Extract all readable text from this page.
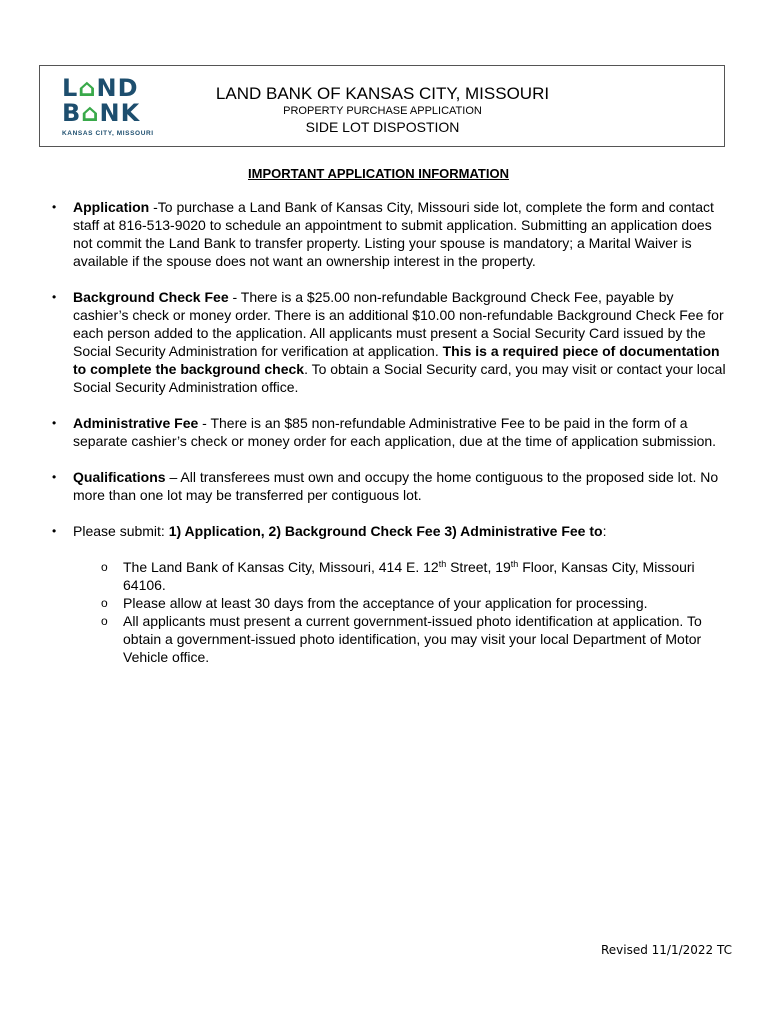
L⌂ND
B⌂NK
KANSAS CITY, MISSOURI
LAND BANK OF KANSAS CITY, MISSOURI
PROPERTY PURCHASE APPLICATION
SIDE LOT DISPOSTION
IMPORTANT APPLICATION INFORMATION
• Application -To purchase a Land Bank of Kansas City, Missouri side lot, complete the form and contact staff at 816-513-9020 to schedule an appointment to submit application. Submitting an application does not commit the Land Bank to transfer property. Listing your spouse is mandatory; a Marital Waiver is available if the spouse does not want an ownership interest in the property.
• Background Check Fee - There is a $25.00 non-refundable Background Check Fee, payable by cashier’s check or money order. There is an additional $10.00 non-refundable Background Check Fee for each person added to the application. All applicants must present a Social Security Card issued by the Social Security Administration for verification at application. This is a required piece of documentation to complete the background check. To obtain a Social Security card, you may visit or contact your local Social Security Administration office.
• Administrative Fee - There is an $85 non-refundable Administrative Fee to be paid in the form of a separate cashier’s check or money order for each application, due at the time of application submission.
• Qualifications – All transferees must own and occupy the home contiguous to the proposed side lot. No more than one lot may be transferred per contiguous lot.
• Please submit: 1) Application, 2) Background Check Fee 3) Administrative Fee to:
o The Land Bank of Kansas City, Missouri, 414 E. 12th Street, 19th Floor, Kansas City, Missouri 64106.
o Please allow at least 30 days from the acceptance of your application for processing.
o All applicants must present a current government-issued photo identification at application. To obtain a government-issued photo identification, you may visit your local Department of Motor Vehicle office.
Revised 11/1/2022 TC
